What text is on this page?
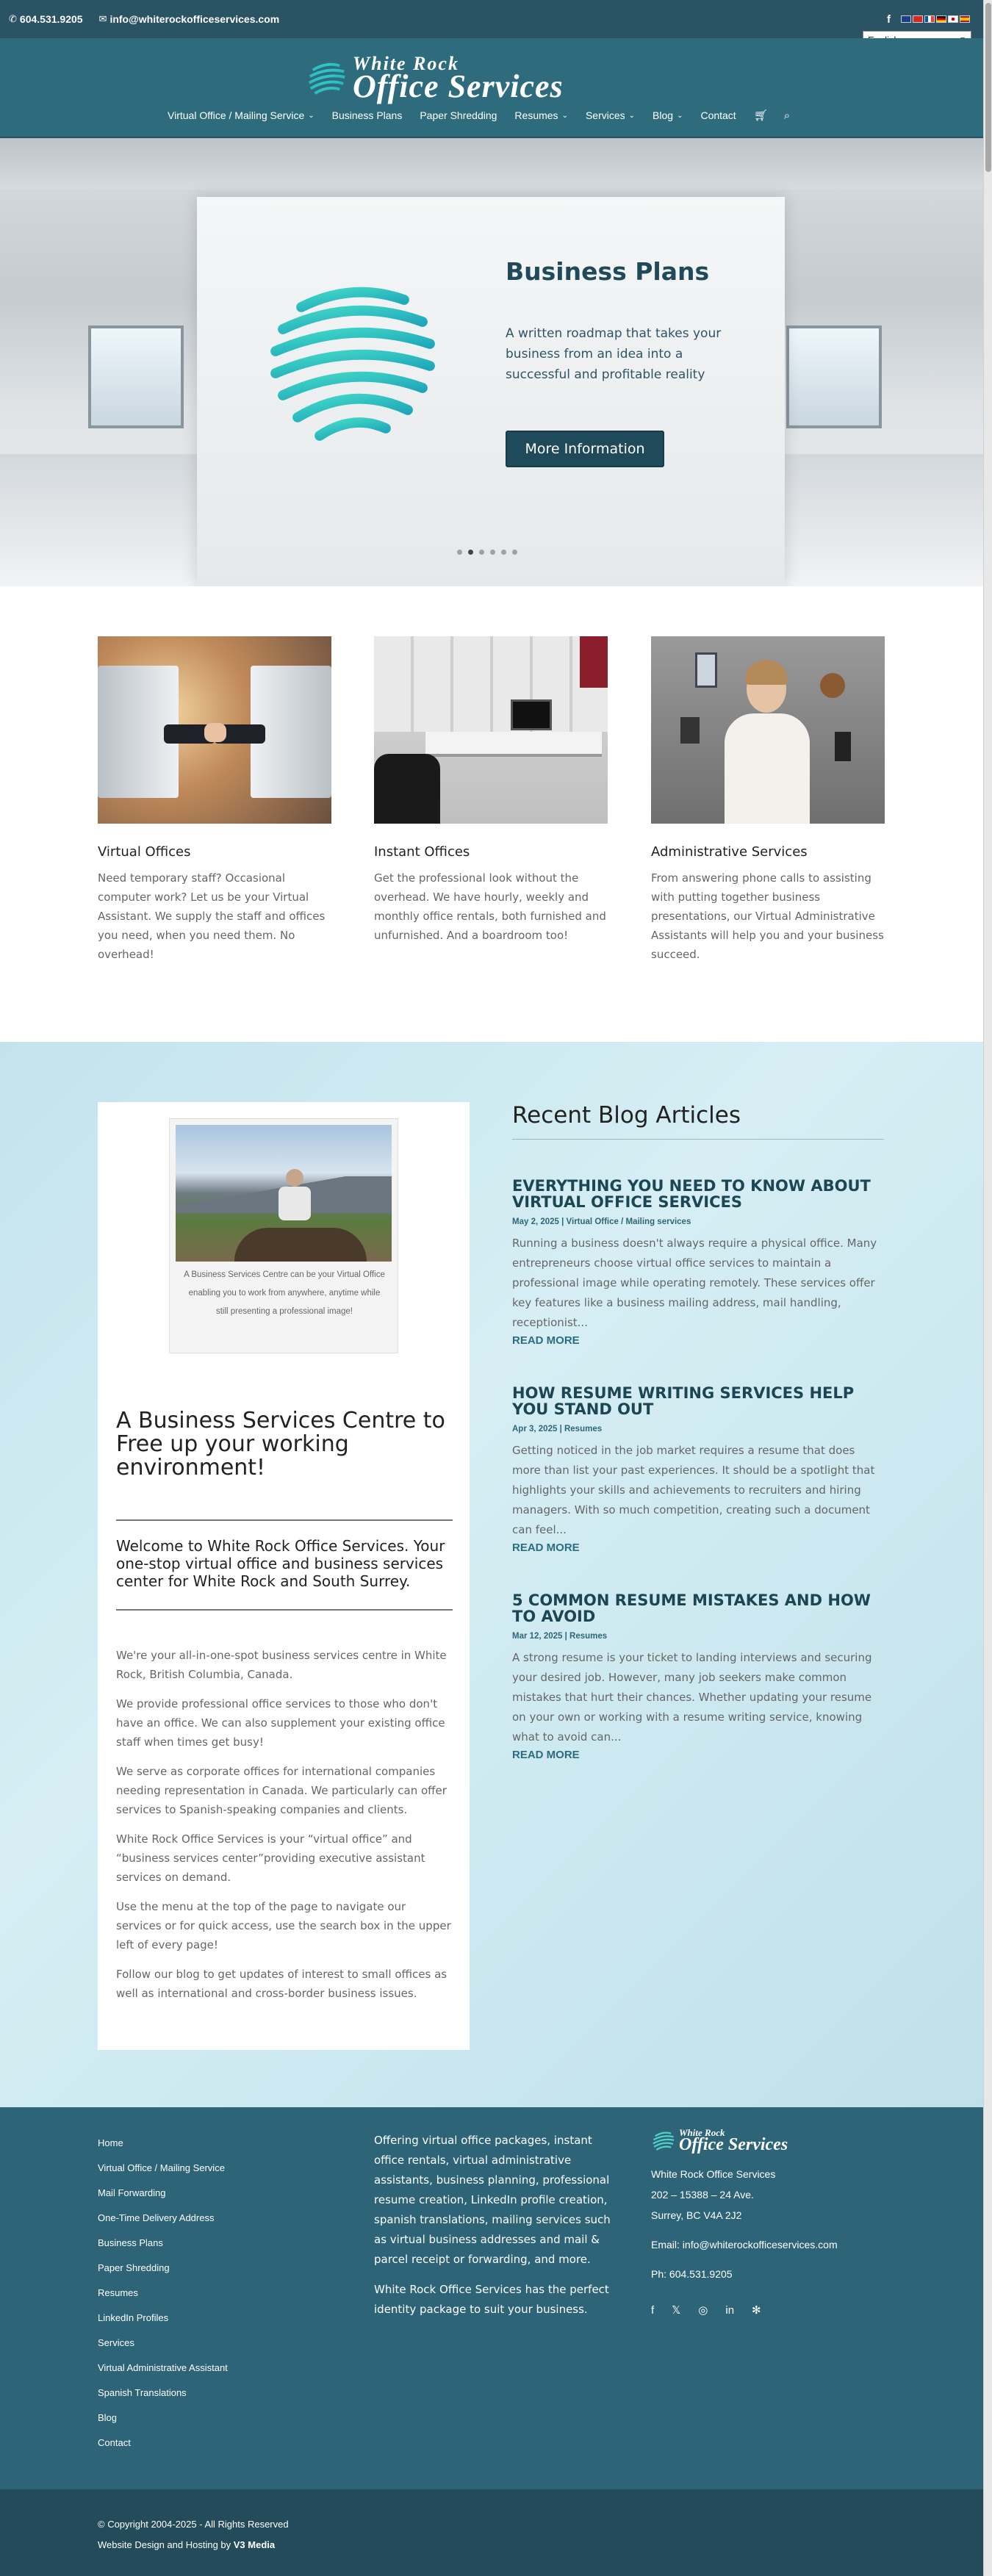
✆ 604.531.9205 ✉ info@whiterockofficeservices.com	f
White Rock
Office Services
Virtual Office / Mailing Service ⌄ Business Plans Paper Shredding Resumes ⌄ Services ⌄ Blog ⌄ Contact 🛒︎ ⌕
Business Plans
A written roadmap that takes your business from an idea into a successful and profitable reality
More Information
Virtual Offices

Need temporary staff? Occasional computer work? Let us be your Virtual Assistant. We supply the staff and offices you need, when you need them. No overhead!

Instant Offices

Get the professional look without the overhead. We have hourly, weekly and monthly office rentals, both furnished and unfurnished. And a boardroom too!

Administrative Services

From answering phone calls to assisting with putting together business presentations, our Virtual Administrative Assistants will help you and your business succeed.

A Business Services Centre can be your Virtual Office enabling you to work from anywhere, anytime while still presenting a professional image!
A Business Services Centre to Free up your working environment!
Welcome to White Rock Office Services. Your one-stop virtual office and business services center for White Rock and South Surrey.

We're your all-in-one-spot business services centre in White Rock, British Columbia, Canada.

We provide professional office services to those who don't have an office. We can also supplement your existing office staff when times get busy!

We serve as corporate offices for international companies needing representation in Canada. We particularly can offer services to Spanish-speaking companies and clients.

White Rock Office Services is your “virtual office” and “business services center”providing executive assistant services on demand.

Use the menu at the top of the page to navigate our services or for quick access, use the search box in the upper left of every page!

Follow our blog to get updates of interest to small offices as well as international and cross-border business issues.

Recent Blog Articles
EVERYTHING YOU NEED TO KNOW ABOUT VIRTUAL OFFICE SERVICES
May 2, 2025 | Virtual Office / Mailing services
Running a business doesn't always require a physical office. Many entrepreneurs choose virtual office services to maintain a professional image while operating remotely. These services offer key features like a business mailing address, mail handling, receptionist...
READ MORE
HOW RESUME WRITING SERVICES HELP YOU STAND OUT
Apr 3, 2025 | Resumes
Getting noticed in the job market requires a resume that does more than list your past experiences. It should be a spotlight that highlights your skills and achievements to recruiters and hiring managers. With so much competition, creating such a document can feel...
READ MORE
5 COMMON RESUME MISTAKES AND HOW TO AVOID
Mar 12, 2025 | Resumes
A strong resume is your ticket to landing interviews and securing your desired job. However, many job seekers make common mistakes that hurt their chances. Whether updating your resume on your own or working with a resume writing service, knowing what to avoid can...
READ MORE
Home
Virtual Office / Mailing Service
Mail Forwarding
One-Time Delivery Address
Business Plans
Paper Shredding
Resumes
LinkedIn Profiles
Services
Virtual Administrative Assistant
Spanish Translations
Blog
Contact

Offering virtual office packages, instant office rentals, virtual administrative assistants, business planning, professional resume creation, LinkedIn profile creation, spanish translations, mailing services such as virtual business addresses and mail & parcel receipt or forwarding, and more.

White Rock Office Services has the perfect identity package to suit your business.

White Rock
Office Services
White Rock Office Services
202 – 15388 – 24 Ave.
Surrey, BC V4A 2J2
Email: info@whiterockofficeservices.com
Ph: 604.531.9205
f 𝕏 ◎ in ✻
© Copyright 2004-2025 - All Rights Reserved
Website Design and Hosting by V3 Media
